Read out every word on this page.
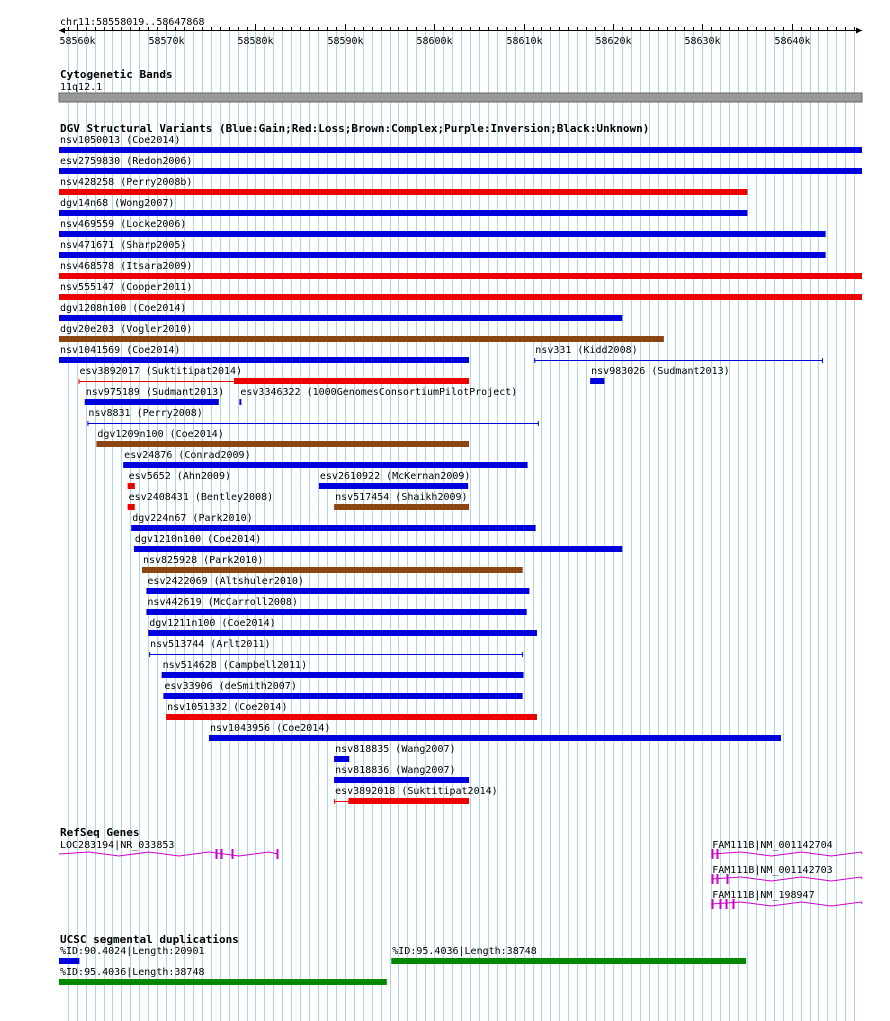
chr11:58558019..58647868
58560k	58570k	58580k	58590k	58600k	58610k	58620k	58630k	58640k
Cytogenetic Bands
11q12.1
DGV Structural Variants (Blue:Gain;Red:Loss;Brown:Complex;Purple:Inversion;Black:Unknown)
nsv1050013 (Coe2014)
esv2759830 (Redon2006)
nsv428258 (Perry2008b)
dgv14n68 (Wong2007)
nsv469559 (Locke2006)
nsv471671 (Sharp2005)
nsv468578 (Itsara2009)
nsv555147 (Cooper2011)
dgv1208n100 (Coe2014)
dgv20e203 (Vogler2010)
nsv1041569 (Coe2014)	nsv331 (Kidd2008)
esv3892017 (Suktitipat2014)	nsv983026 (Sudmant2013)
nsv975189 (Sudmant2013) esv3346322 (1000GenomesConsortiumPilotProject)
nsv8831 (Perry2008)
dgv1209n100 (Coe2014)
esv24876 (Conrad2009)
esv5652 (Ahn2009)	esv2610922 (McKernan2009)
esv2408431 (Bentley2008)	nsv517454 (Shaikh2009)
dgv224n67 (Park2010)
dgv1210n100 (Coe2014)
nsv825928 (Park2010)
esv2422069 (Altshuler2010)
nsv442619 (McCarroll2008)
dgv1211n100 (Coe2014)
nsv513744 (Arlt2011)
nsv514628 (Campbell2011)
esv33906 (deSmith2007)
nsv1051332 (Coe2014)
nsv1043956 (Coe2014)
nsv818835 (Wang2007)
nsv818836 (Wang2007)
esv3892018 (Suktitipat2014)
RefSeq Genes
LOC283194|NR_033853	FAM111B|NM_001142704
FAM111B|NM_001142703
FAM111B|NM_198947
UCSC segmental duplications
%ID:90.4024|Length:20901	%ID:95.4036|Length:38748
%ID:95.4036|Length:38748
